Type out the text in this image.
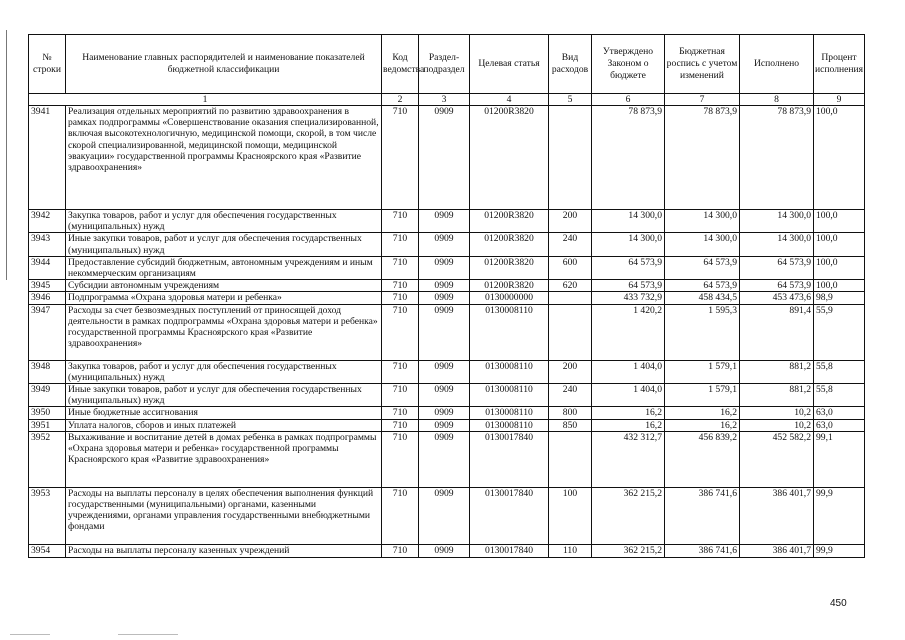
№ строки	Наименование главных распорядителей и наименование показателей бюджетной классификации	Код ведомства	Раздел-подраздел	Целевая статья	Вид расходов	Утверждено Законом о бюджете	Бюджетная роспись с учетом изменений	Исполнено	Процент исполнения
1		2	3	4	5	6	7	8	9
3941	Реализация отдельных мероприятий по развитию здравоохранения в рамках подпрограммы «Совершенствование оказания специализированной, включая высокотехнологичную, медицинской помощи, скорой, в том числе скорой специализированной, медицинской помощи, медицинской эвакуации» государственной программы Красноярского края «Развитие здравоохранения»	710	0909	01200R3820		78 873,9	78 873,9	78 873,9	100,0
3942	Закупка товаров, работ и услуг для обеспечения государственных (муниципальных) нужд	710	0909	01200R3820	200	14 300,0	14 300,0	14 300,0	100,0
3943	Иные закупки товаров, работ и услуг для обеспечения государственных (муниципальных) нужд	710	0909	01200R3820	240	14 300,0	14 300,0	14 300,0	100,0
3944	Предоставление субсидий бюджетным, автономным учреждениям и иным некоммерческим организациям	710	0909	01200R3820	600	64 573,9	64 573,9	64 573,9	100,0
3945	Субсидии автономным учреждениям	710	0909	01200R3820	620	64 573,9	64 573,9	64 573,9	100,0
3946	Подпрограмма «Охрана здоровья матери и ребенка»	710	0909	0130000000		433 732,9	458 434,5	453 473,6	98,9
3947	Расходы за счет безвозмездных поступлений от приносящей доход деятельности в рамках подпрограммы «Охрана здоровья матери и ребенка» государственной программы Красноярского края «Развитие здравоохранения»	710	0909	0130008110		1 420,2	1 595,3	891,4	55,9
3948	Закупка товаров, работ и услуг для обеспечения государственных (муниципальных) нужд	710	0909	0130008110	200	1 404,0	1 579,1	881,2	55,8
3949	Иные закупки товаров, работ и услуг для обеспечения государственных (муниципальных) нужд	710	0909	0130008110	240	1 404,0	1 579,1	881,2	55,8
3950	Иные бюджетные ассигнования	710	0909	0130008110	800	16,2	16,2	10,2	63,0
3951	Уплата налогов, сборов и иных платежей	710	0909	0130008110	850	16,2	16,2	10,2	63,0
3952	Выхаживание и воспитание детей в домах ребенка в рамках подпрограммы «Охрана здоровья матери и ребенка» государственной программы Красноярского края «Развитие здравоохранения»	710	0909	0130017840		432 312,7	456 839,2	452 582,2	99,1
3953	Расходы на выплаты персоналу в целях обеспечения выполнения функций государственными (муниципальными) органами, казенными учреждениями, органами управления государственными внебюджетными фондами	710	0909	0130017840	100	362 215,2	386 741,6	386 401,7	99,9
3954	Расходы на выплаты персоналу казенных учреждений	710	0909	0130017840	110	362 215,2	386 741,6	386 401,7	99,9
450
